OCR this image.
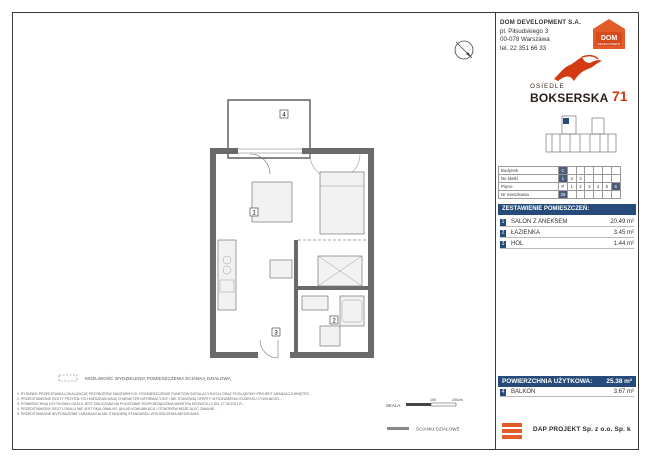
DOM DEVELOPMENT S.A.
pl. Piłsudskiego 3
00-078 Warszawa
tel. 22 351 66 33
DOM
DEVELOPMENT
OSIEDLE
BOKSERSKA 71
Budynek	C						
Ne klatki	1	2	3				
Piętro	P	1	2	3	4	5	6
Nr mieszkania	26						
ZESTAWIENIE POMIESZCZEŃ:
1 SALON Z ANEKSEM	20.49 m²
2 ŁAZIENKA	3.45 m²
3 HOL	1.44 m²
POWIERZCHNIA UŻYTKOWA: 25.38 m²
4 BALKON	3.67 m²
4
1
2
3
MOŻLIWOŚĆ WYDZIELENIA POMIESZCZENIA ŚCIANKĄ DZIAŁOWĄ
1. RYSUNEK PRZEDSTAWIA LOKALIZACJĘ PRZYBORÓW SANITARNYCH, ROZMIESZCZENIE PUNKTÓW INSTALACYJNYCH ORAZ POGLĄDOWY PROJEKT ARANŻACJI WNĘTRZ...
2. PRZEDSTAWIONE RZUTY PRZYSZŁYCH MIESZKAŃ MAJĄ CHARAKTER INFORMACYJNY I NIE STANOWIĄ OFERTY W ROZUMIENIU KODEKSU CYWILNEGO...
3. POWIERZCHNIA UŻYTKOWA LOKALU JEST OBLICZANA NA PODSTAWIE ROZPORZĄDZENIA MINISTRA ROZWOJU Z DN. 17.06.2021 R...
4. PRZEDSTAWIONY RZUT LOKALU NIE JEST SKALOWALNY, UKŁAD KOMUNIKACJI I OTWORÓW MOŻE ULEC ZMIANIE...
5. PRZEDSTAWIONE WYPOSAŻENIE I ARANŻACJA NIE STANOWIĄ STANDARDU WYKOŃCZENIA MIESZKANIA.
SKALA:
100	200cm
ŚCIANKI DZIAŁOWE	DAP PROJEKT Sp. z o.o. Sp. k
